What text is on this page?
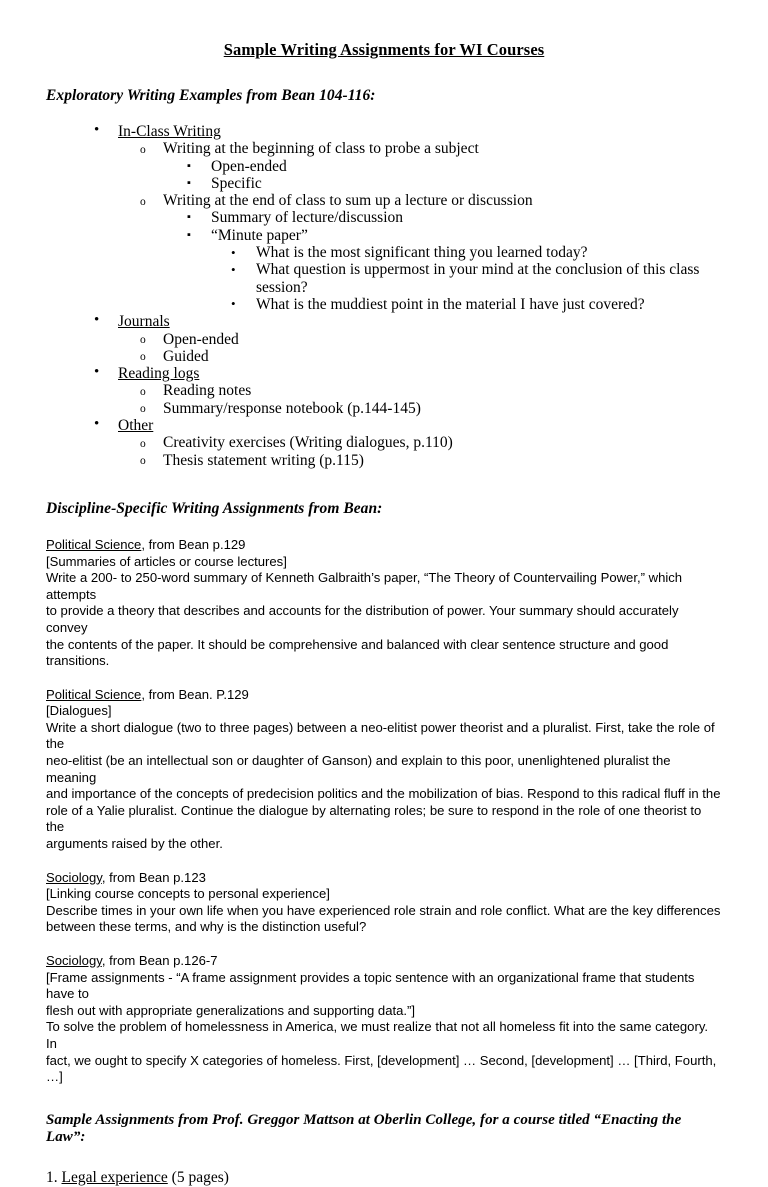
Sample Writing Assignments for WI Courses
Exploratory Writing Examples from Bean 104-116:
• In-Class Writing
o Writing at the beginning of class to probe a subject
▪ Open-ended
▪ Specific
o Writing at the end of class to sum up a lecture or discussion
▪ Summary of lecture/discussion
▪ “Minute paper”
• What is the most significant thing you learned today?
• What question is uppermost in your mind at the conclusion of this class session?
• What is the muddiest point in the material I have just covered?
• Journals
o Open-ended
o Guided
• Reading logs
o Reading notes
o Summary/response notebook (p.144-145)
• Other
o Creativity exercises (Writing dialogues, p.110)
o Thesis statement writing (p.115)
Discipline-Specific Writing Assignments from Bean:
Political Science, from Bean p.129
[Summaries of articles or course lectures]
Write a 200- to 250-word summary of Kenneth Galbraith’s paper, “The Theory of Countervailing Power,” which attempts
to provide a theory that describes and accounts for the distribution of power. Your summary should accurately convey
the contents of the paper. It should be comprehensive and balanced with clear sentence structure and good transitions.
Political Science, from Bean. P.129
[Dialogues]
Write a short dialogue (two to three pages) between a neo-elitist power theorist and a pluralist. First, take the role of the
neo-elitist (be an intellectual son or daughter of Ganson) and explain to this poor, unenlightened pluralist the meaning
and importance of the concepts of predecision politics and the mobilization of bias. Respond to this radical fluff in the
role of a Yalie pluralist. Continue the dialogue by alternating roles; be sure to respond in the role of one theorist to the
arguments raised by the other.
Sociology, from Bean p.123
[Linking course concepts to personal experience]
Describe times in your own life when you have experienced role strain and role conflict. What are the key differences
between these terms, and why is the distinction useful?
Sociology, from Bean p.126-7
[Frame assignments - “A frame assignment provides a topic sentence with an organizational frame that students have to
flesh out with appropriate generalizations and supporting data.”]
To solve the problem of homelessness in America, we must realize that not all homeless fit into the same category. In
fact, we ought to specify X categories of homeless. First, [development] … Second, [development] … [Third, Fourth, …]
Sample Assignments from Prof. Greggor Mattson at Oberlin College, for a course titled “Enacting the Law”:

1. Legal experience (5 pages)
